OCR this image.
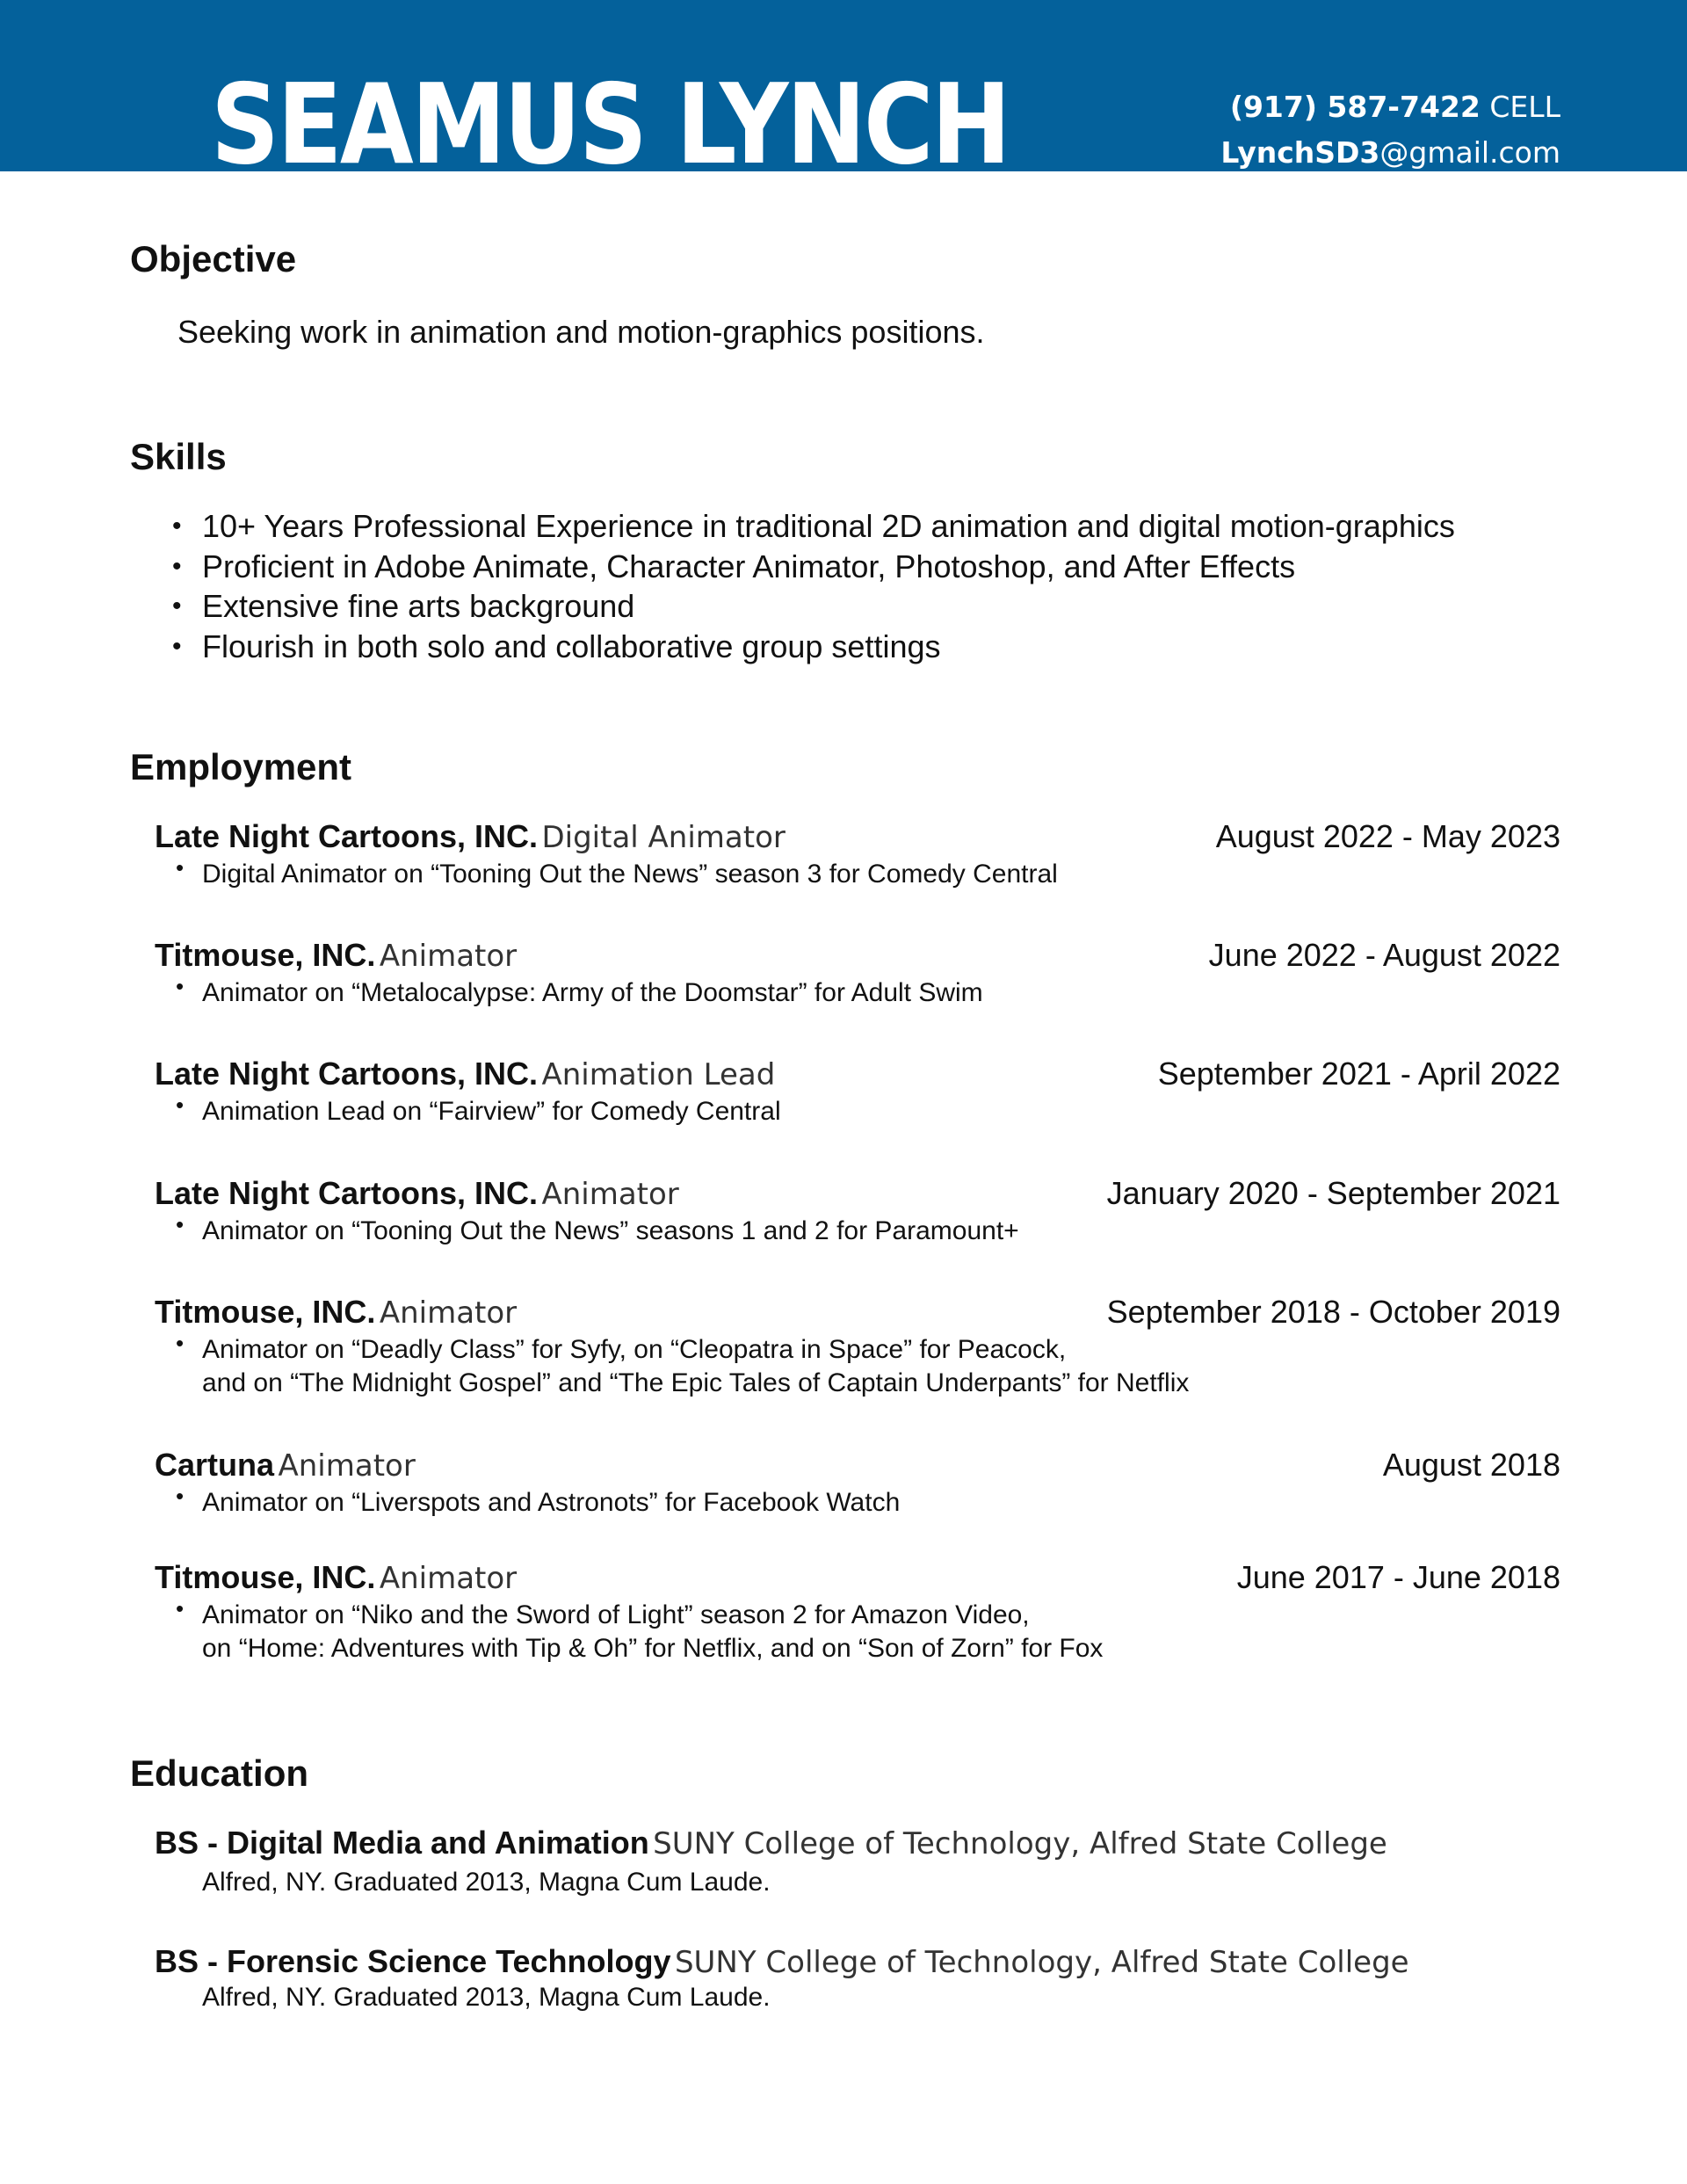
SEAMUS LYNCH	(917) 587-7422 CELL
LynchSD3@gmail.com
Objective
Seeking work in animation and motion-graphics positions.
Skills
• 10+ Years Professional Experience in traditional 2D animation and digital motion-graphics
• Proficient in Adobe Animate, Character Animator, Photoshop, and After Effects
• Extensive fine arts background
• Flourish in both solo and collaborative group settings
Employment
Late Night Cartoons, INC. Digital Animator	August 2022 - May 2023
• Digital Animator on “Tooning Out the News” season 3 for Comedy Central
Titmouse, INC. Animator	June 2022 - August 2022
• Animator on “Metalocalypse: Army of the Doomstar” for Adult Swim
Late Night Cartoons, INC. Animation Lead	September 2021 - April 2022
• Animation Lead on “Fairview” for Comedy Central
Late Night Cartoons, INC. Animator	January 2020 - September 2021
• Animator on “Tooning Out the News” seasons 1 and 2 for Paramount+
Titmouse, INC. Animator	September 2018 - October 2019
• Animator on “Deadly Class” for Syfy, on “Cleopatra in Space” for Peacock,
and on “The Midnight Gospel” and “The Epic Tales of Captain Underpants” for Netflix
Cartuna Animator	August 2018
• Animator on “Liverspots and Astronots” for Facebook Watch
Titmouse, INC. Animator	June 2017 - June 2018
• Animator on “Niko and the Sword of Light” season 2 for Amazon Video,
on “Home: Adventures with Tip & Oh” for Netflix, and on “Son of Zorn” for Fox
Education
BS - Digital Media and Animation SUNY College of Technology, Alfred State College
Alfred, NY. Graduated 2013, Magna Cum Laude.
BS - Forensic Science Technology SUNY College of Technology, Alfred State College
Alfred, NY. Graduated 2013, Magna Cum Laude.
